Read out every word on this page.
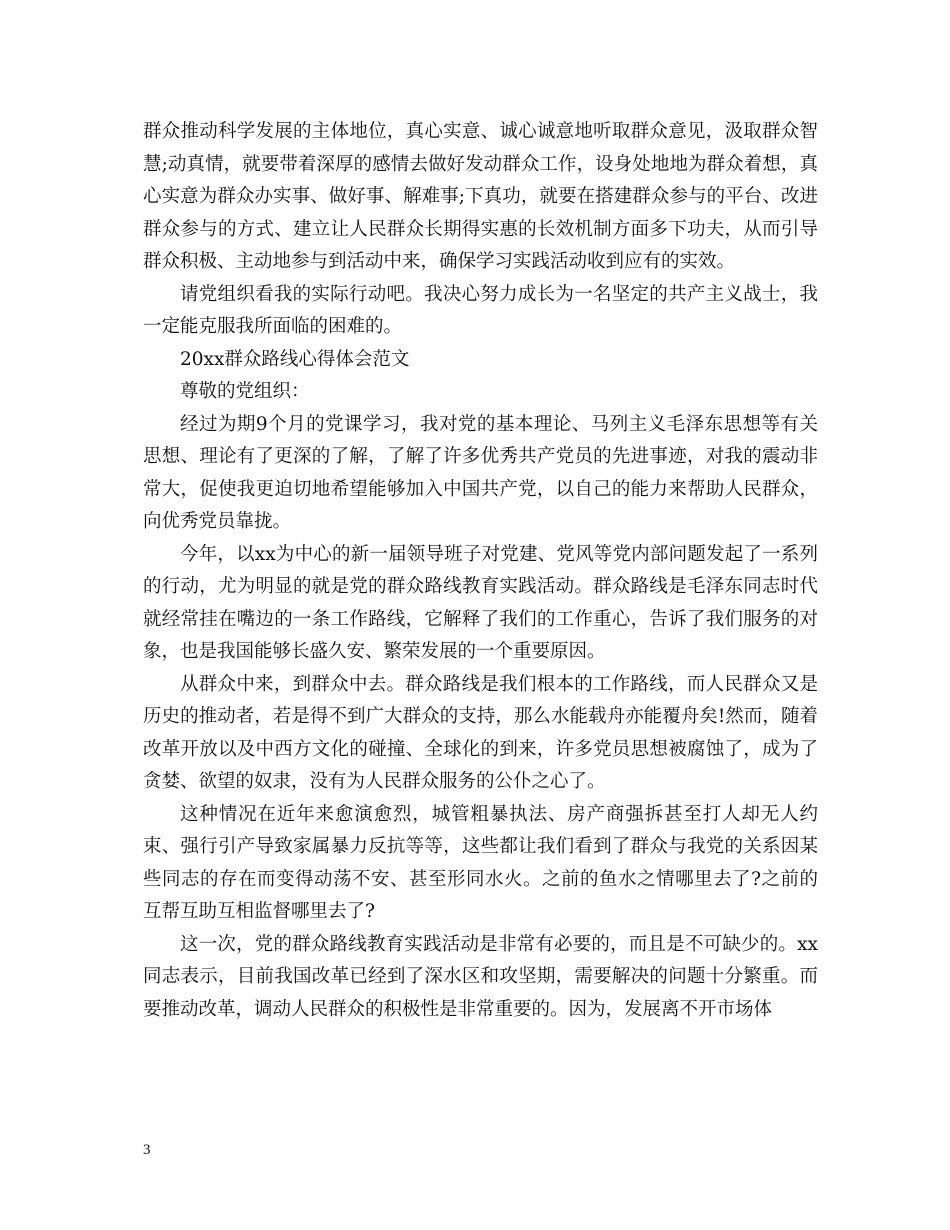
群众推动科学发展的主体地位，真心实意、诚心诚意地听取群众意见，汲取群众智慧;动真情，就要带着深厚的感情去做好发动群众工作，设身处地地为群众着想，真心实意为群众办实事、做好事、解难事;下真功，就要在搭建群众参与的平台、改进群众参与的方式、建立让人民群众长期得实惠的长效机制方面多下功夫，从而引导群众积极、主动地参与到活动中来，确保学习实践活动收到应有的实效。

请党组织看我的实际行动吧。我决心努力成长为一名坚定的共产主义战士，我一定能克服我所面临的困难的。

20xx群众路线心得体会范文

尊敬的党组织：

经过为期9个月的党课学习，我对党的基本理论、马列主义毛泽东思想等有关思想、理论有了更深的了解，了解了许多优秀共产党员的先进事迹，对我的震动非常大，促使我更迫切地希望能够加入中国共产党，以自己的能力来帮助人民群众，向优秀党员靠拢。

今年，以xx为中心的新一届领导班子对党建、党风等党内部问题发起了一系列的行动，尤为明显的就是党的群众路线教育实践活动。群众路线是毛泽东同志时代就经常挂在嘴边的一条工作路线，它解释了我们的工作重心，告诉了我们服务的对象，也是我国能够长盛久安、繁荣发展的一个重要原因。

从群众中来，到群众中去。群众路线是我们根本的工作路线，而人民群众又是历史的推动者，若是得不到广大群众的支持，那么水能载舟亦能覆舟矣!然而，随着改革开放以及中西方文化的碰撞、全球化的到来，许多党员思想被腐蚀了，成为了贪婪、欲望的奴隶，没有为人民群众服务的公仆之心了。

这种情况在近年来愈演愈烈，城管粗暴执法、房产商强拆甚至打人却无人约束、强行引产导致家属暴力反抗等等，这些都让我们看到了群众与我党的关系因某些同志的存在而变得动荡不安、甚至形同水火。之前的鱼水之情哪里去了?之前的互帮互助互相监督哪里去了?

这一次，党的群众路线教育实践活动是非常有必要的，而且是不可缺少的。xx同志表示，目前我国改革已经到了深水区和攻坚期，需要解决的问题十分繁重。而要推动改革，调动人民群众的积极性是非常重要的。因为，发展离不开市场体

3
